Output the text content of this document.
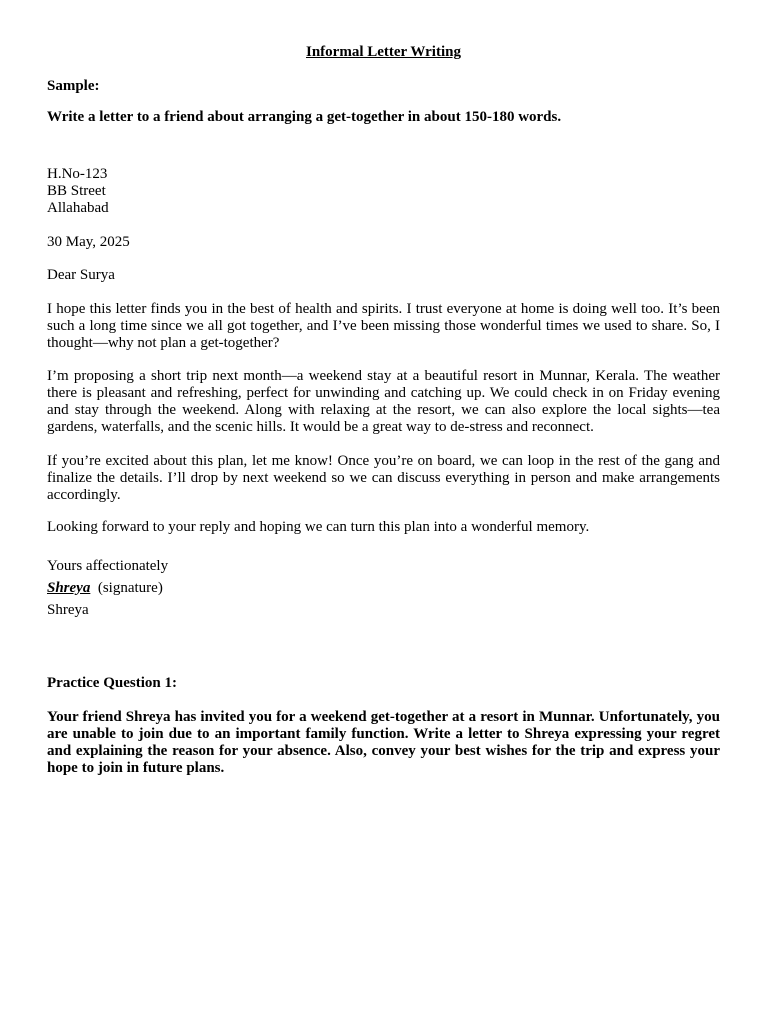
Informal Letter Writing
Sample:
Write a letter to a friend about arranging a get-together in about 150-180 words.
H.No-123
BB Street
Allahabad
30 May, 2025
Dear Surya
I hope this letter finds you in the best of health and spirits. I trust everyone at home is doing well too. It’s been such a long time since we all got together, and I’ve been missing those wonderful times we used to share. So, I thought—why not plan a get-together?
I’m proposing a short trip next month—a weekend stay at a beautiful resort in Munnar, Kerala. The weather there is pleasant and refreshing, perfect for unwinding and catching up. We could check in on Friday evening and stay through the weekend. Along with relaxing at the resort, we can also explore the local sights—tea gardens, waterfalls, and the scenic hills. It would be a great way to de-stress and reconnect.
If you’re excited about this plan, let me know! Once you’re on board, we can loop in the rest of the gang and finalize the details. I’ll drop by next weekend so we can discuss everything in person and make arrangements accordingly.
Looking forward to your reply and hoping we can turn this plan into a wonderful memory.
Yours affectionately
Shreya (signature)
Shreya
Practice Question 1:
Your friend Shreya has invited you for a weekend get-together at a resort in Munnar. Unfortunately, you are unable to join due to an important family function. Write a letter to Shreya expressing your regret and explaining the reason for your absence. Also, convey your best wishes for the trip and express your hope to join in future plans.
